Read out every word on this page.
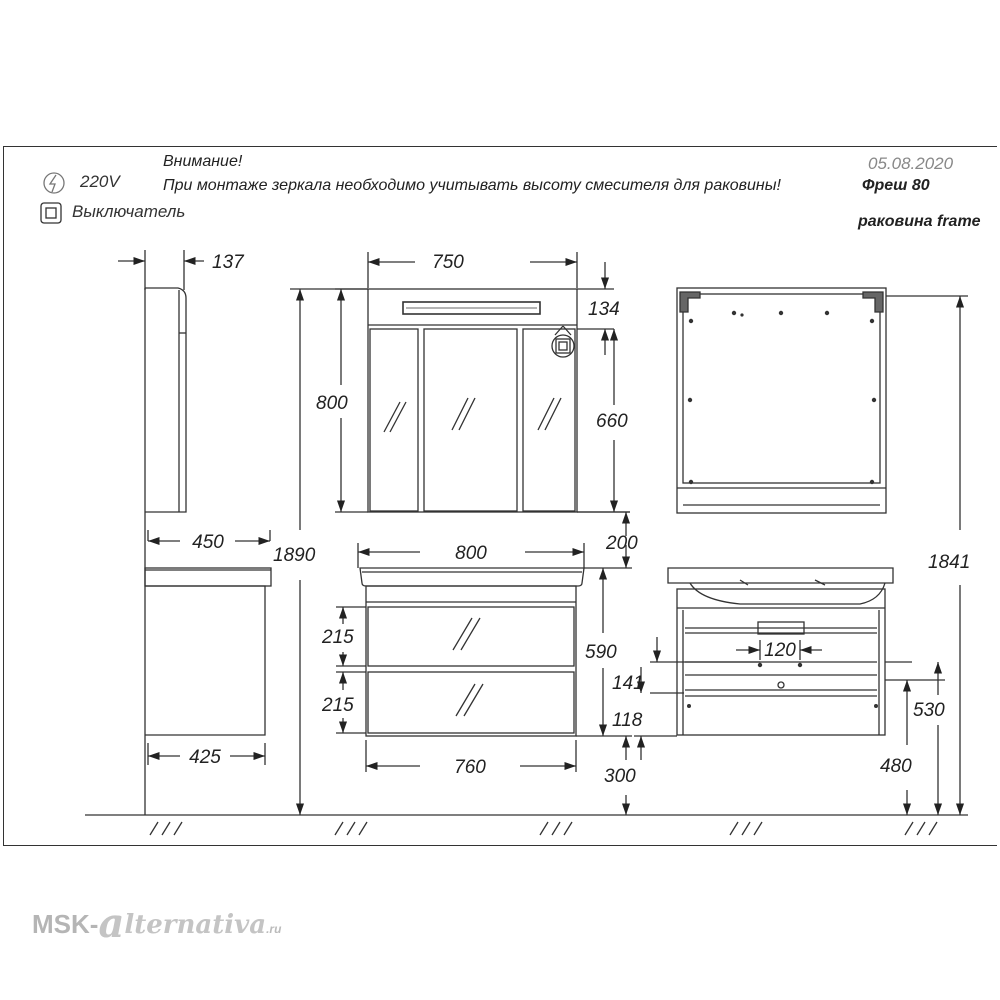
Внимание!
При монтаже зеркала необходимо учитывать высоту смесителя для раковины!
05.08.2020
Фреш 80
раковина frame
220V
Выключатель
137	750
134
800
660
1890
450
800	200
215
215
590
425	760	300
1841
120
141
118	530
480
MSK-alternativa.ru
